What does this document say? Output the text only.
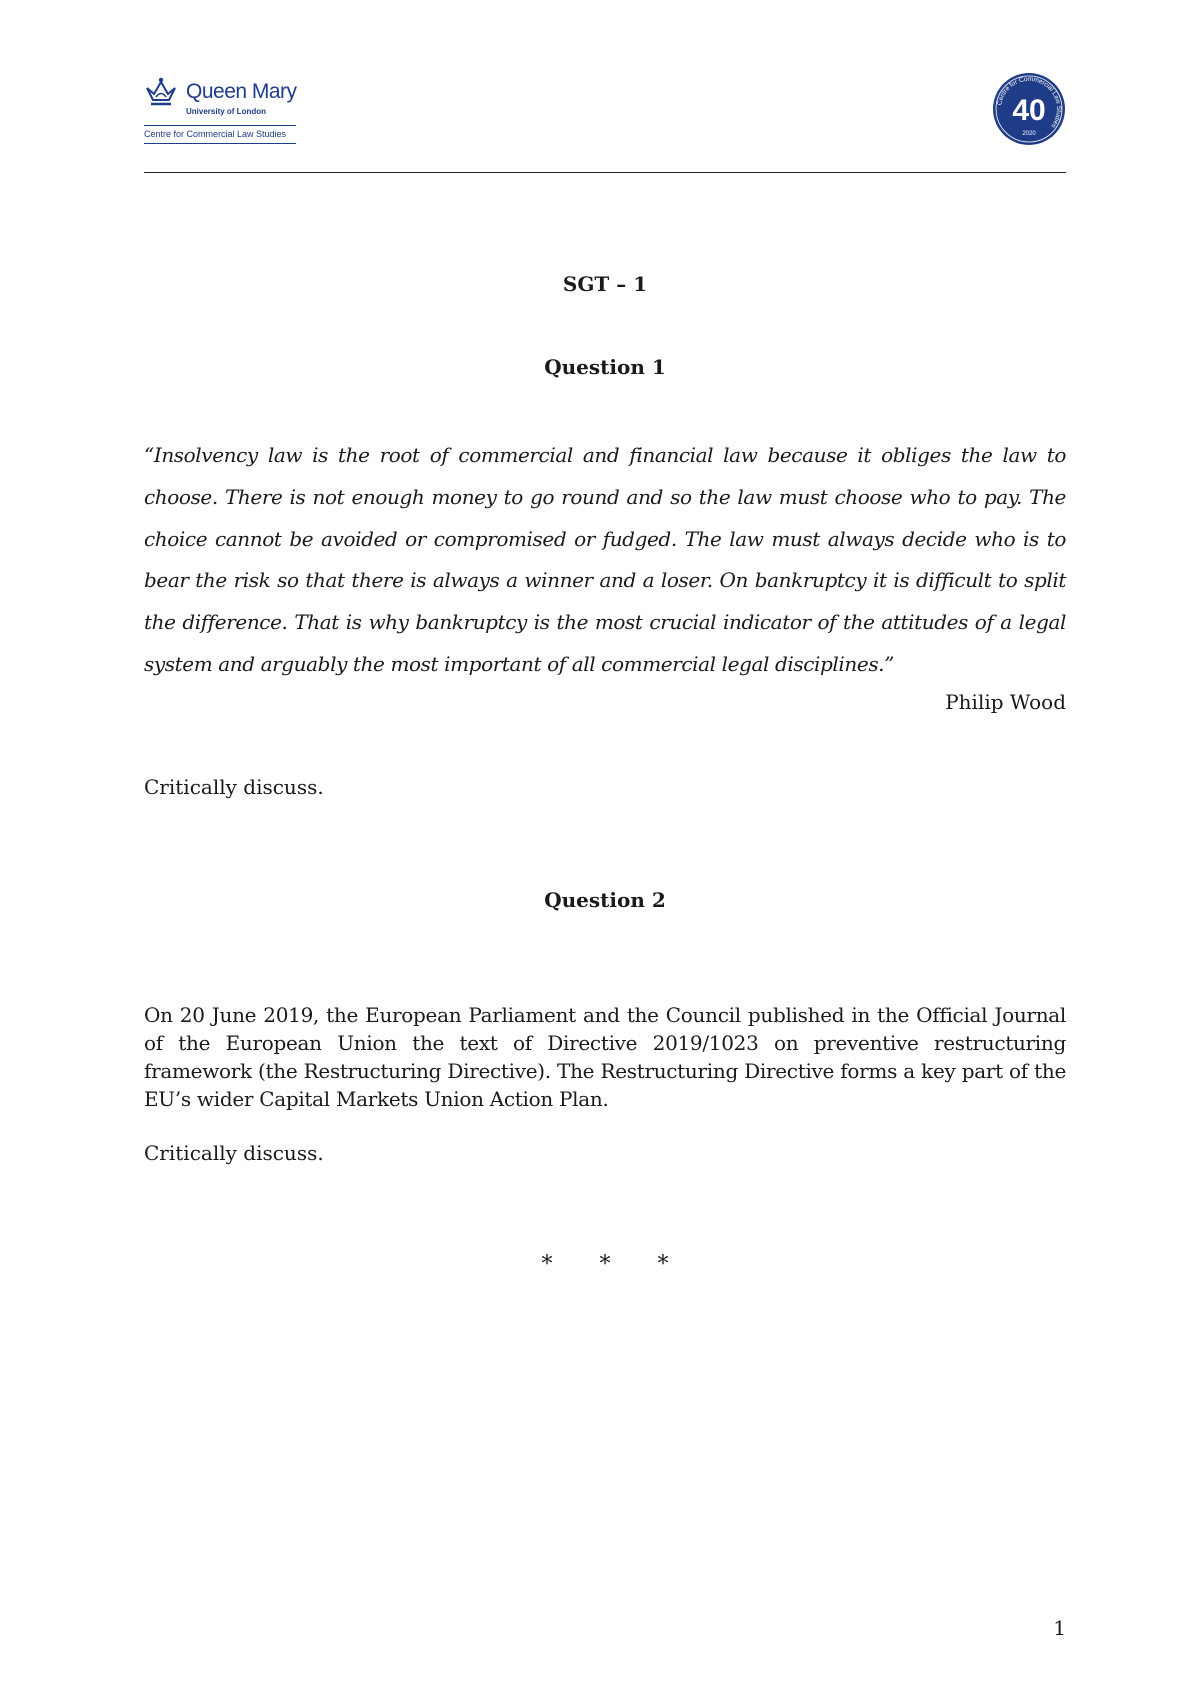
Queen Mary
University of London
Centre for Commercial Law Studies
Centre for Commercial Law Studies
40
2020
SGT – 1
Question 1
“Insolvency law is the root of commercial and financial law because it obliges the law to choose. There is not enough money to go round and so the law must choose who to pay. The choice cannot be avoided or compromised or fudged. The law must always decide who is to bear the risk so that there is always a winner and a loser. On bankruptcy it is difficult to split the difference. That is why bankruptcy is the most crucial indicator of the attitudes of a legal system and arguably the most important of all commercial legal disciplines.”
Philip Wood
Critically discuss.
Question 2
On 20 June 2019, the European Parliament and the Council published in the Official Journal of the European Union the text of Directive 2019/1023 on preventive restructuring framework (the Restructuring Directive). The Restructuring Directive forms a key part of the EU’s wider Capital Markets Union Action Plan.
Critically discuss.
* * *
1
